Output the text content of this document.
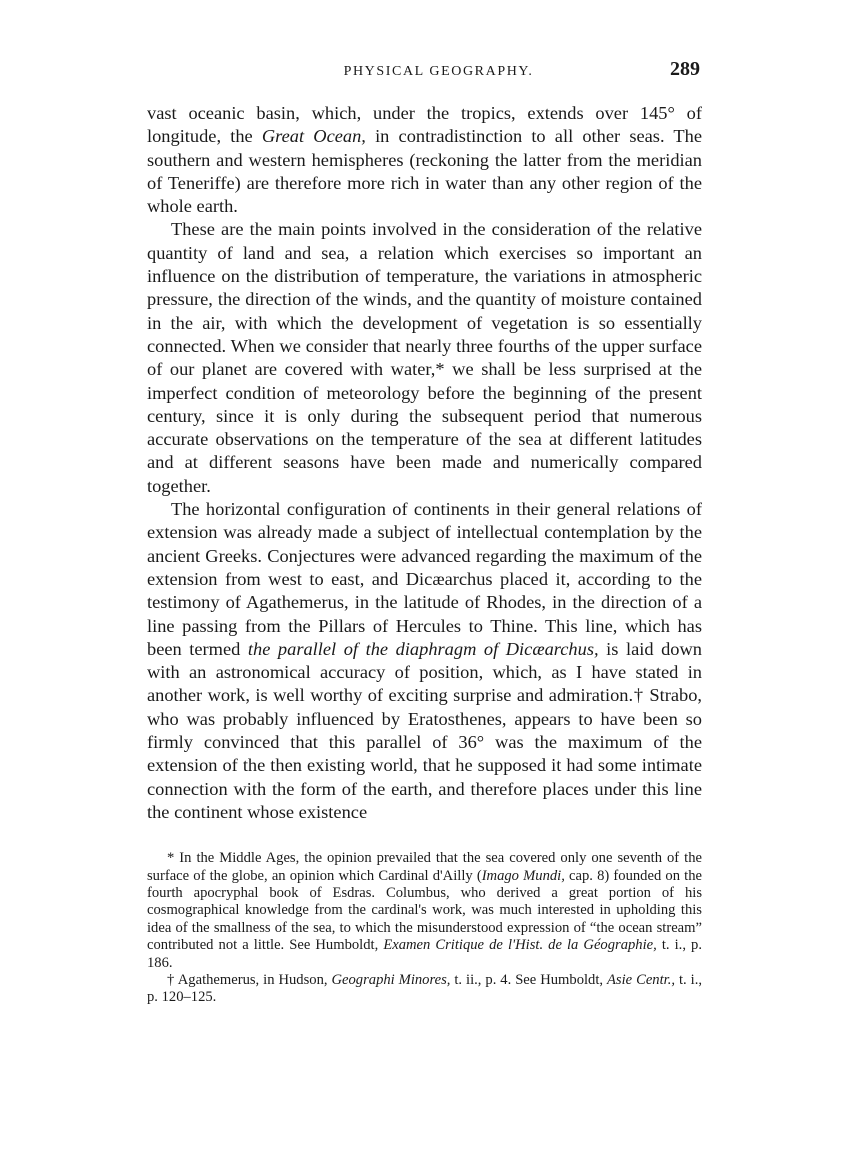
PHYSICAL GEOGRAPHY.	289

vast oceanic basin, which, under the tropics, extends over 145° of longitude, the Great Ocean, in contradistinction to all other seas. The southern and western hemispheres (reckoning the latter from the meridian of Teneriffe) are therefore more rich in water than any other region of the whole earth.

These are the main points involved in the consideration of the relative quantity of land and sea, a relation which exercises so important an influence on the distribution of temperature, the variations in atmospheric pressure, the direction of the winds, and the quantity of moisture contained in the air, with which the development of vegetation is so essentially connected. When we consider that nearly three fourths of the upper surface of our planet are covered with water,* we shall be less surprised at the imperfect condition of meteorology before the beginning of the present century, since it is only during the subsequent period that numerous accurate observations on the temperature of the sea at different latitudes and at different seasons have been made and numerically compared together.

The horizontal configuration of continents in their general relations of extension was already made a subject of intellectual contemplation by the ancient Greeks. Conjectures were advanced regarding the maximum of the extension from west to east, and Dicæarchus placed it, according to the testimony of Agathemerus, in the latitude of Rhodes, in the direction of a line passing from the Pillars of Hercules to Thine. This line, which has been termed the parallel of the diaphragm of Dicæarchus, is laid down with an astronomical accuracy of position, which, as I have stated in another work, is well worthy of exciting surprise and admiration.† Strabo, who was probably influenced by Eratosthenes, appears to have been so firmly convinced that this parallel of 36° was the maximum of the extension of the then existing world, that he supposed it had some intimate connection with the form of the earth, and therefore places under this line the continent whose existence

* In the Middle Ages, the opinion prevailed that the sea covered only one seventh of the surface of the globe, an opinion which Cardinal d'Ailly (Imago Mundi, cap. 8) founded on the fourth apocryphal book of Esdras. Columbus, who derived a great portion of his cosmographical knowledge from the cardinal's work, was much interested in upholding this idea of the smallness of the sea, to which the misunderstood expression of “the ocean stream” contributed not a little. See Humboldt, Examen Critique de l'Hist. de la Géographie, t. i., p. 186.

† Agathemerus, in Hudson, Geographi Minores, t. ii., p. 4. See Humboldt, Asie Centr., t. i., p. 120–125.
